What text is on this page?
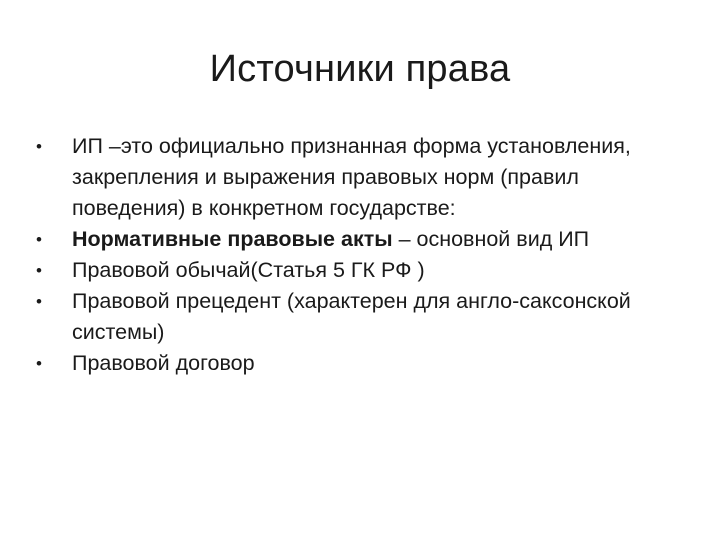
Источники права
•	ИП –это официально признанная форма установления, закрепления и выражения правовых норм (правил поведения) в конкретном государстве:
•	Нормативные правовые акты – основной вид ИП
•	Правовой обычай(Статья 5 ГК РФ )
•	Правовой прецедент (характерен для англо-саксонской системы)
•	Правовой договор
